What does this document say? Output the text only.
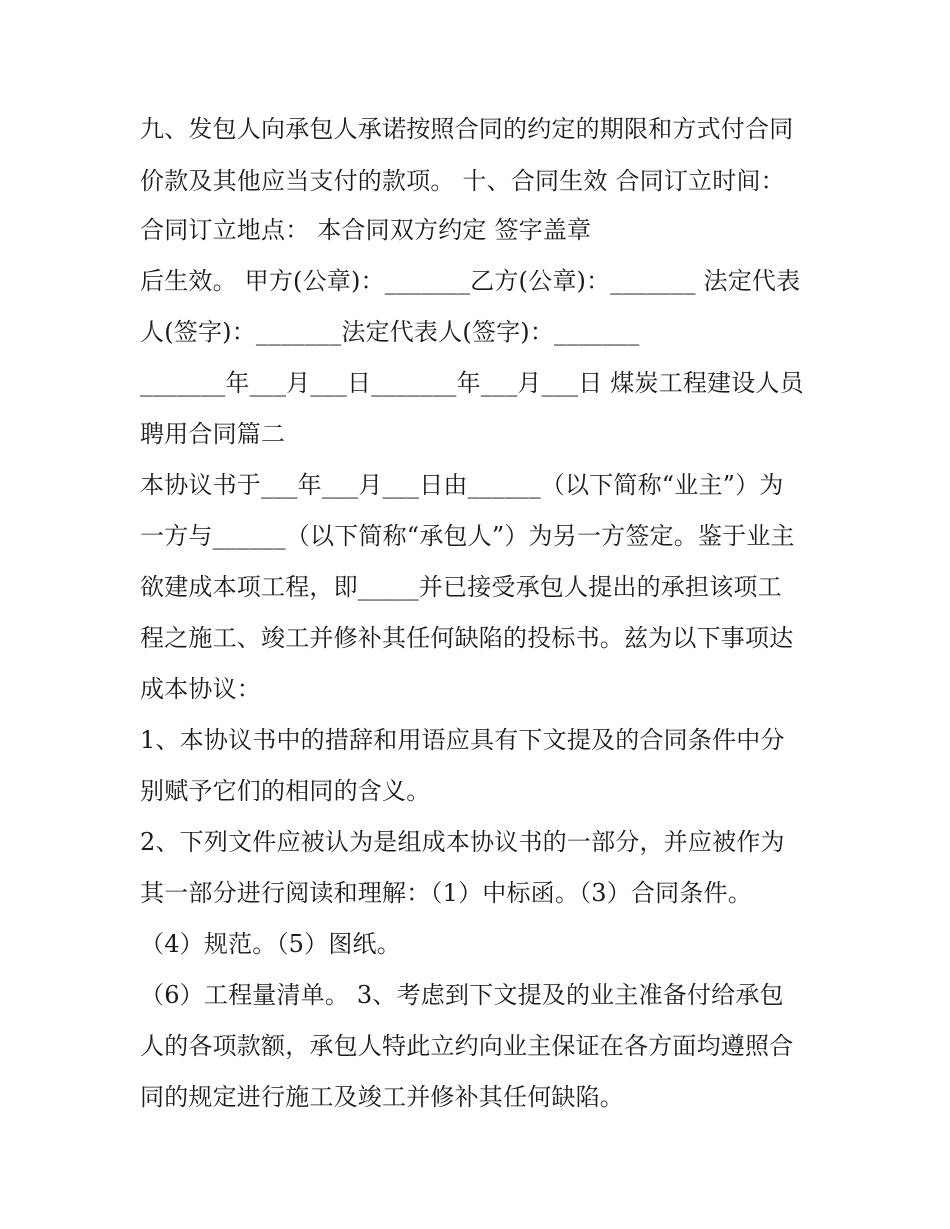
九、发包人向承包人承诺按照合同的约定的期限和方式付合同
价款及其他应当支付的款项。 十、合同生效 合同订立时间：
合同订立地点： 本合同双方约定 签字盖章
后生效。 甲方(公章)：_______乙方(公章)：_______ 法定代表
人(签字)：_______法定代表人(签字)：_______
_______年___月___日_______年___月___日 煤炭工程建设人员
聘用合同篇二
本协议书于___年___月___日由______（以下简称“业主”）为
一方与______（以下简称“承包人”）为另一方签定。鉴于业主
欲建成本项工程，即_____并已接受承包人提出的承担该项工
程之施工、竣工并修补其任何缺陷的投标书。兹为以下事项达
成本协议：
1、本协议书中的措辞和用语应具有下文提及的合同条件中分
别赋予它们的相同的含义。
2、下列文件应被认为是组成本协议书的一部分，并应被作为
其一部分进行阅读和理解：（1）中标函。（3）合同条件。
（4）规范。（5）图纸。
（6）工程量清单。 3、考虑到下文提及的业主准备付给承包
人的各项款额，承包人特此立约向业主保证在各方面均遵照合
同的规定进行施工及竣工并修补其任何缺陷。
